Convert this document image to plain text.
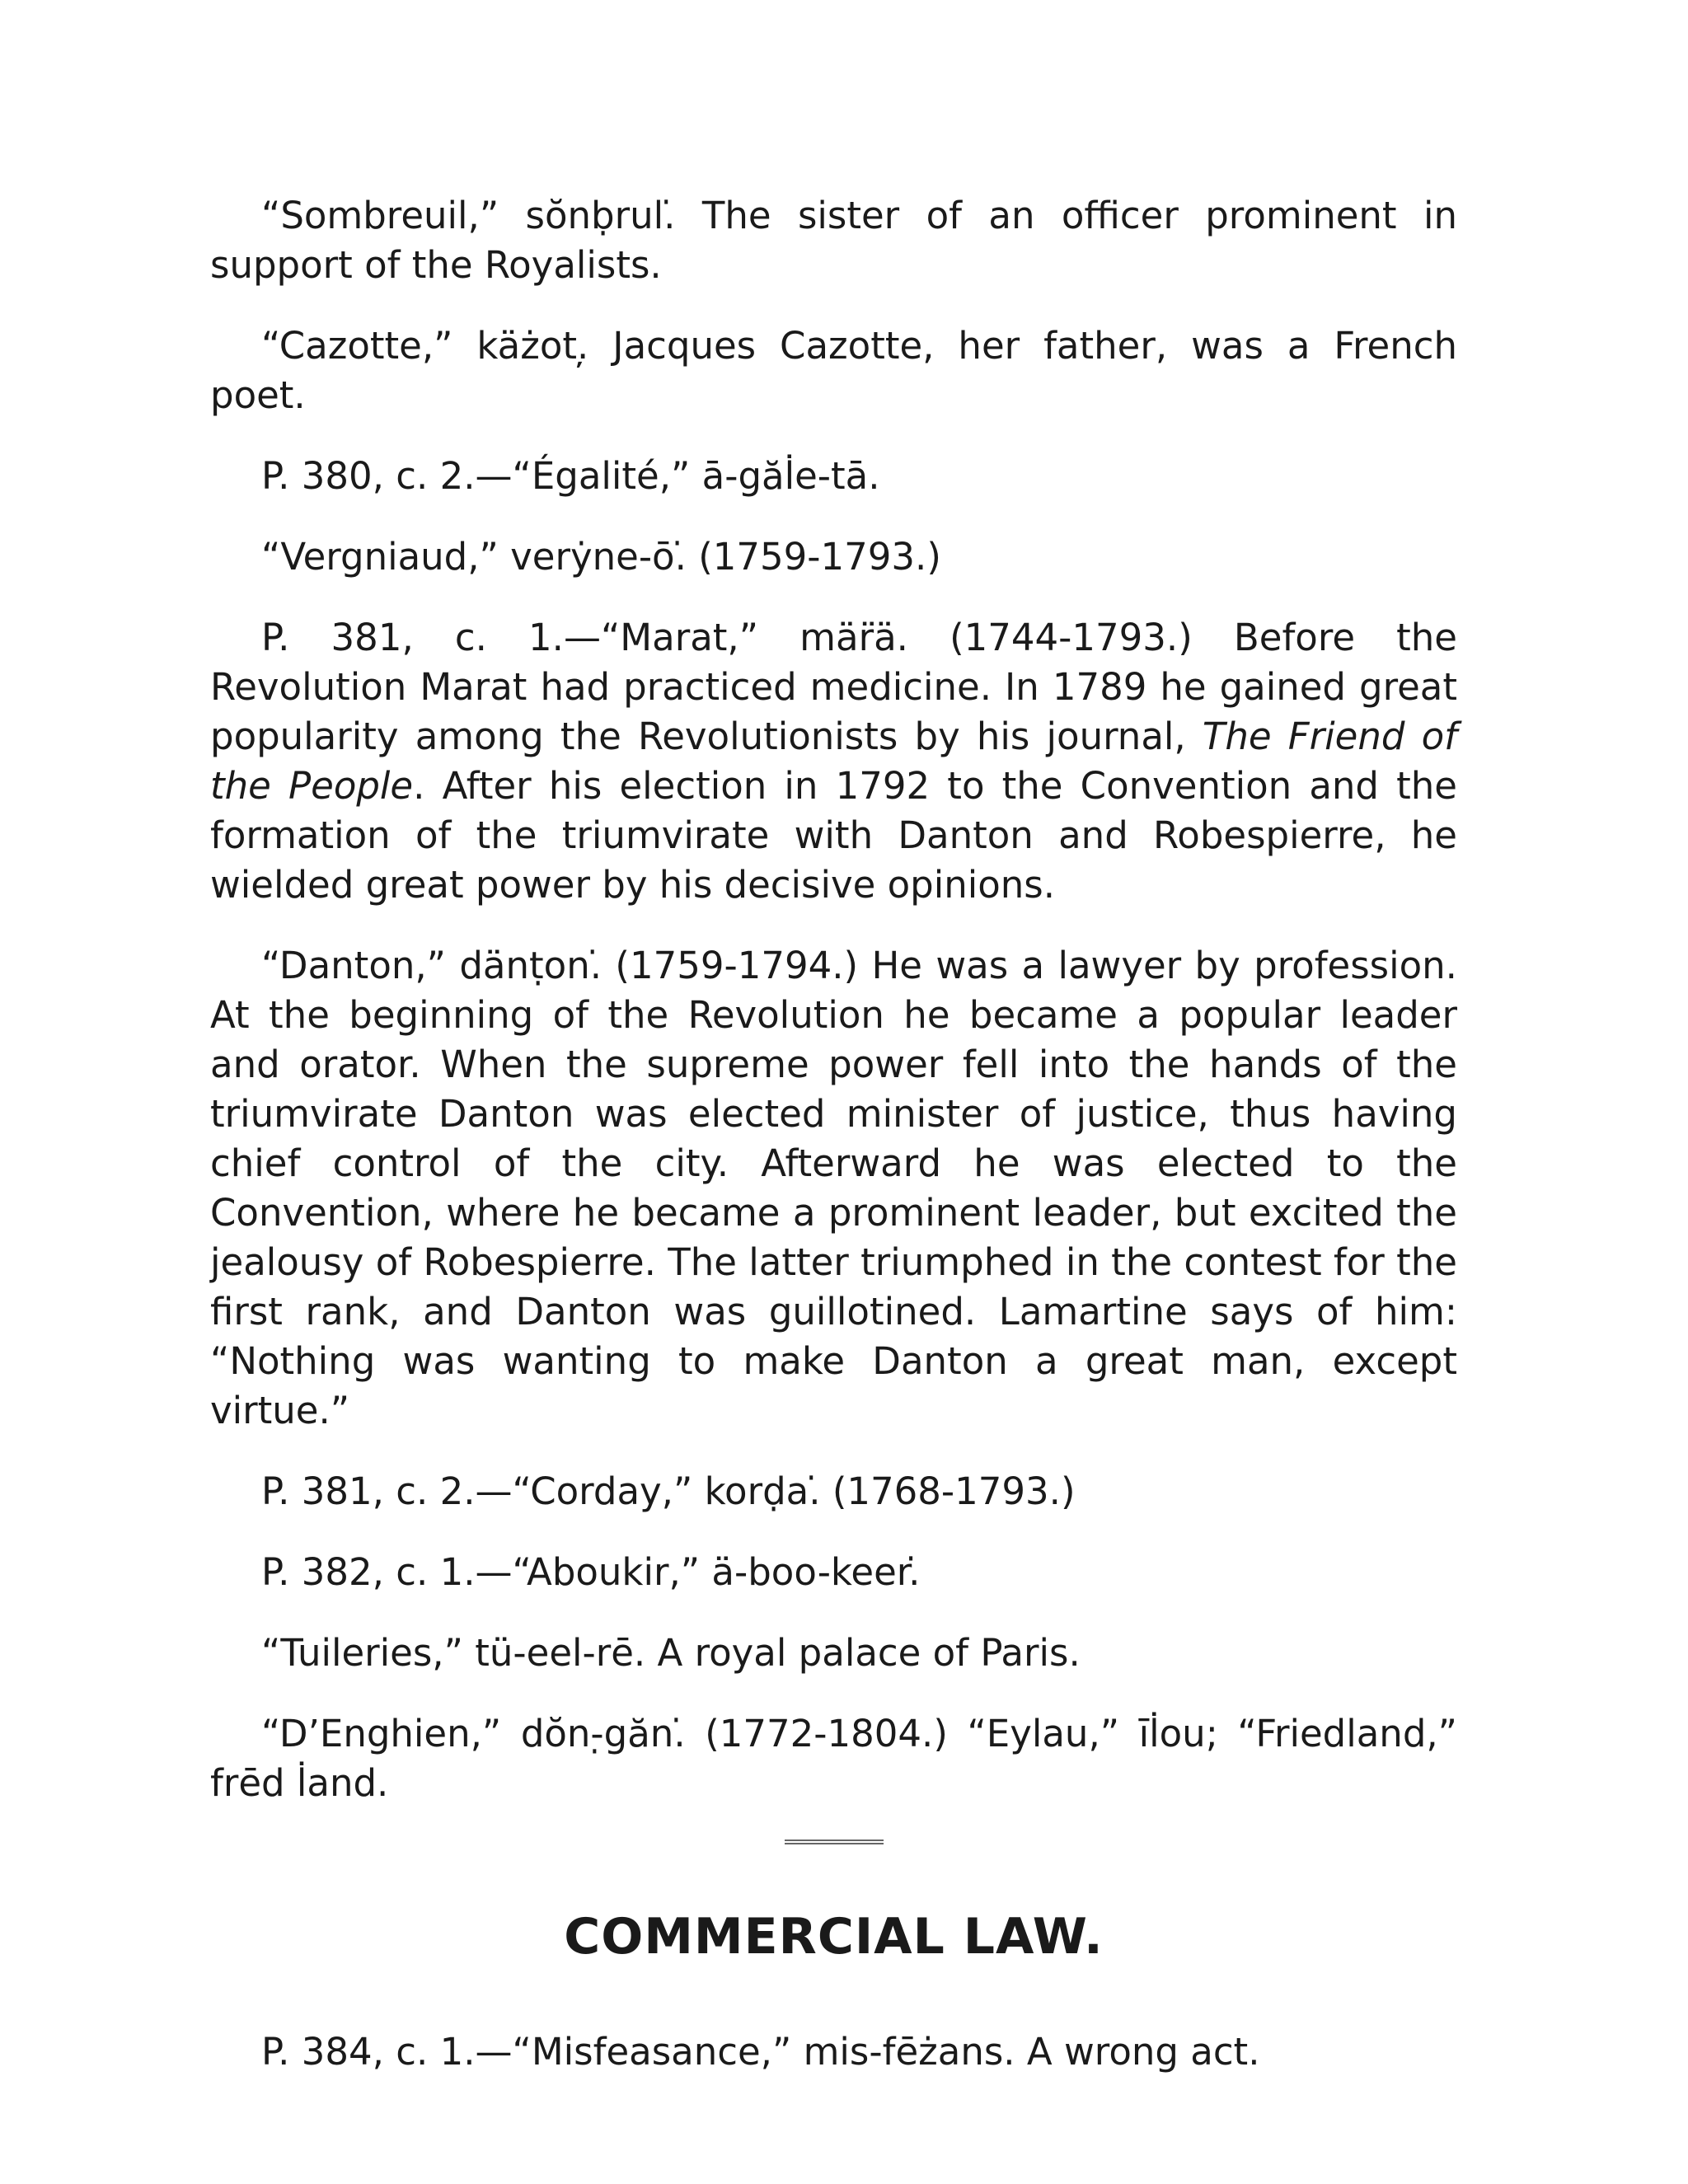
“Sombreuil,” sŏnḅrul.̇ The sister of an officer prominent in support of the Royalists.

“Cazotte,” käżot.̦ Jacques Cazotte, her father, was a French poet.

P. 380, c. 2.—“Égalité,” ā-găl̇e-tā.

“Vergniaud,” verẏne-ō.̇ (1759-1793.)

P. 381, c. 1.—“Marat,” mär̈ä. (1744-1793.) Before the Revolution Marat had practiced medicine. In 1789 he gained great popularity among the Revolutionists by his journal, The Friend of the People. After his election in 1792 to the Convention and the formation of the triumvirate with Danton and Robespierre, he wielded great power by his decisive opinions.

“Danton,” dänṭon.̇ (1759-1794.) He was a lawyer by profession. At the beginning of the Revolution he became a popular leader and orator. When the supreme power fell into the hands of the triumvirate Danton was elected minister of justice, thus having chief control of the city. Afterward he was elected to the Convention, where he became a prominent leader, but excited the jealousy of Robespierre. The latter triumphed in the contest for the first rank, and Danton was guillotined. Lamartine says of him: “Nothing was wanting to make Danton a great man, except virtue.”

P. 381, c. 2.—“Corday,” korḍa.̇ (1768-1793.)

P. 382, c. 1.—“Aboukir,” ä-boo-keer.̇

“Tuileries,” tü-eel-rē. A royal palace of Paris.

“D’Enghien,” dŏn-̣găn.̇ (1772-1804.) “Eylau,” īl̇ou; “Friedland,” frēd l̇and.

COMMERCIAL LAW.

P. 384, c. 1.—“Misfeasance,” mis-fēżans. A wrong act.
